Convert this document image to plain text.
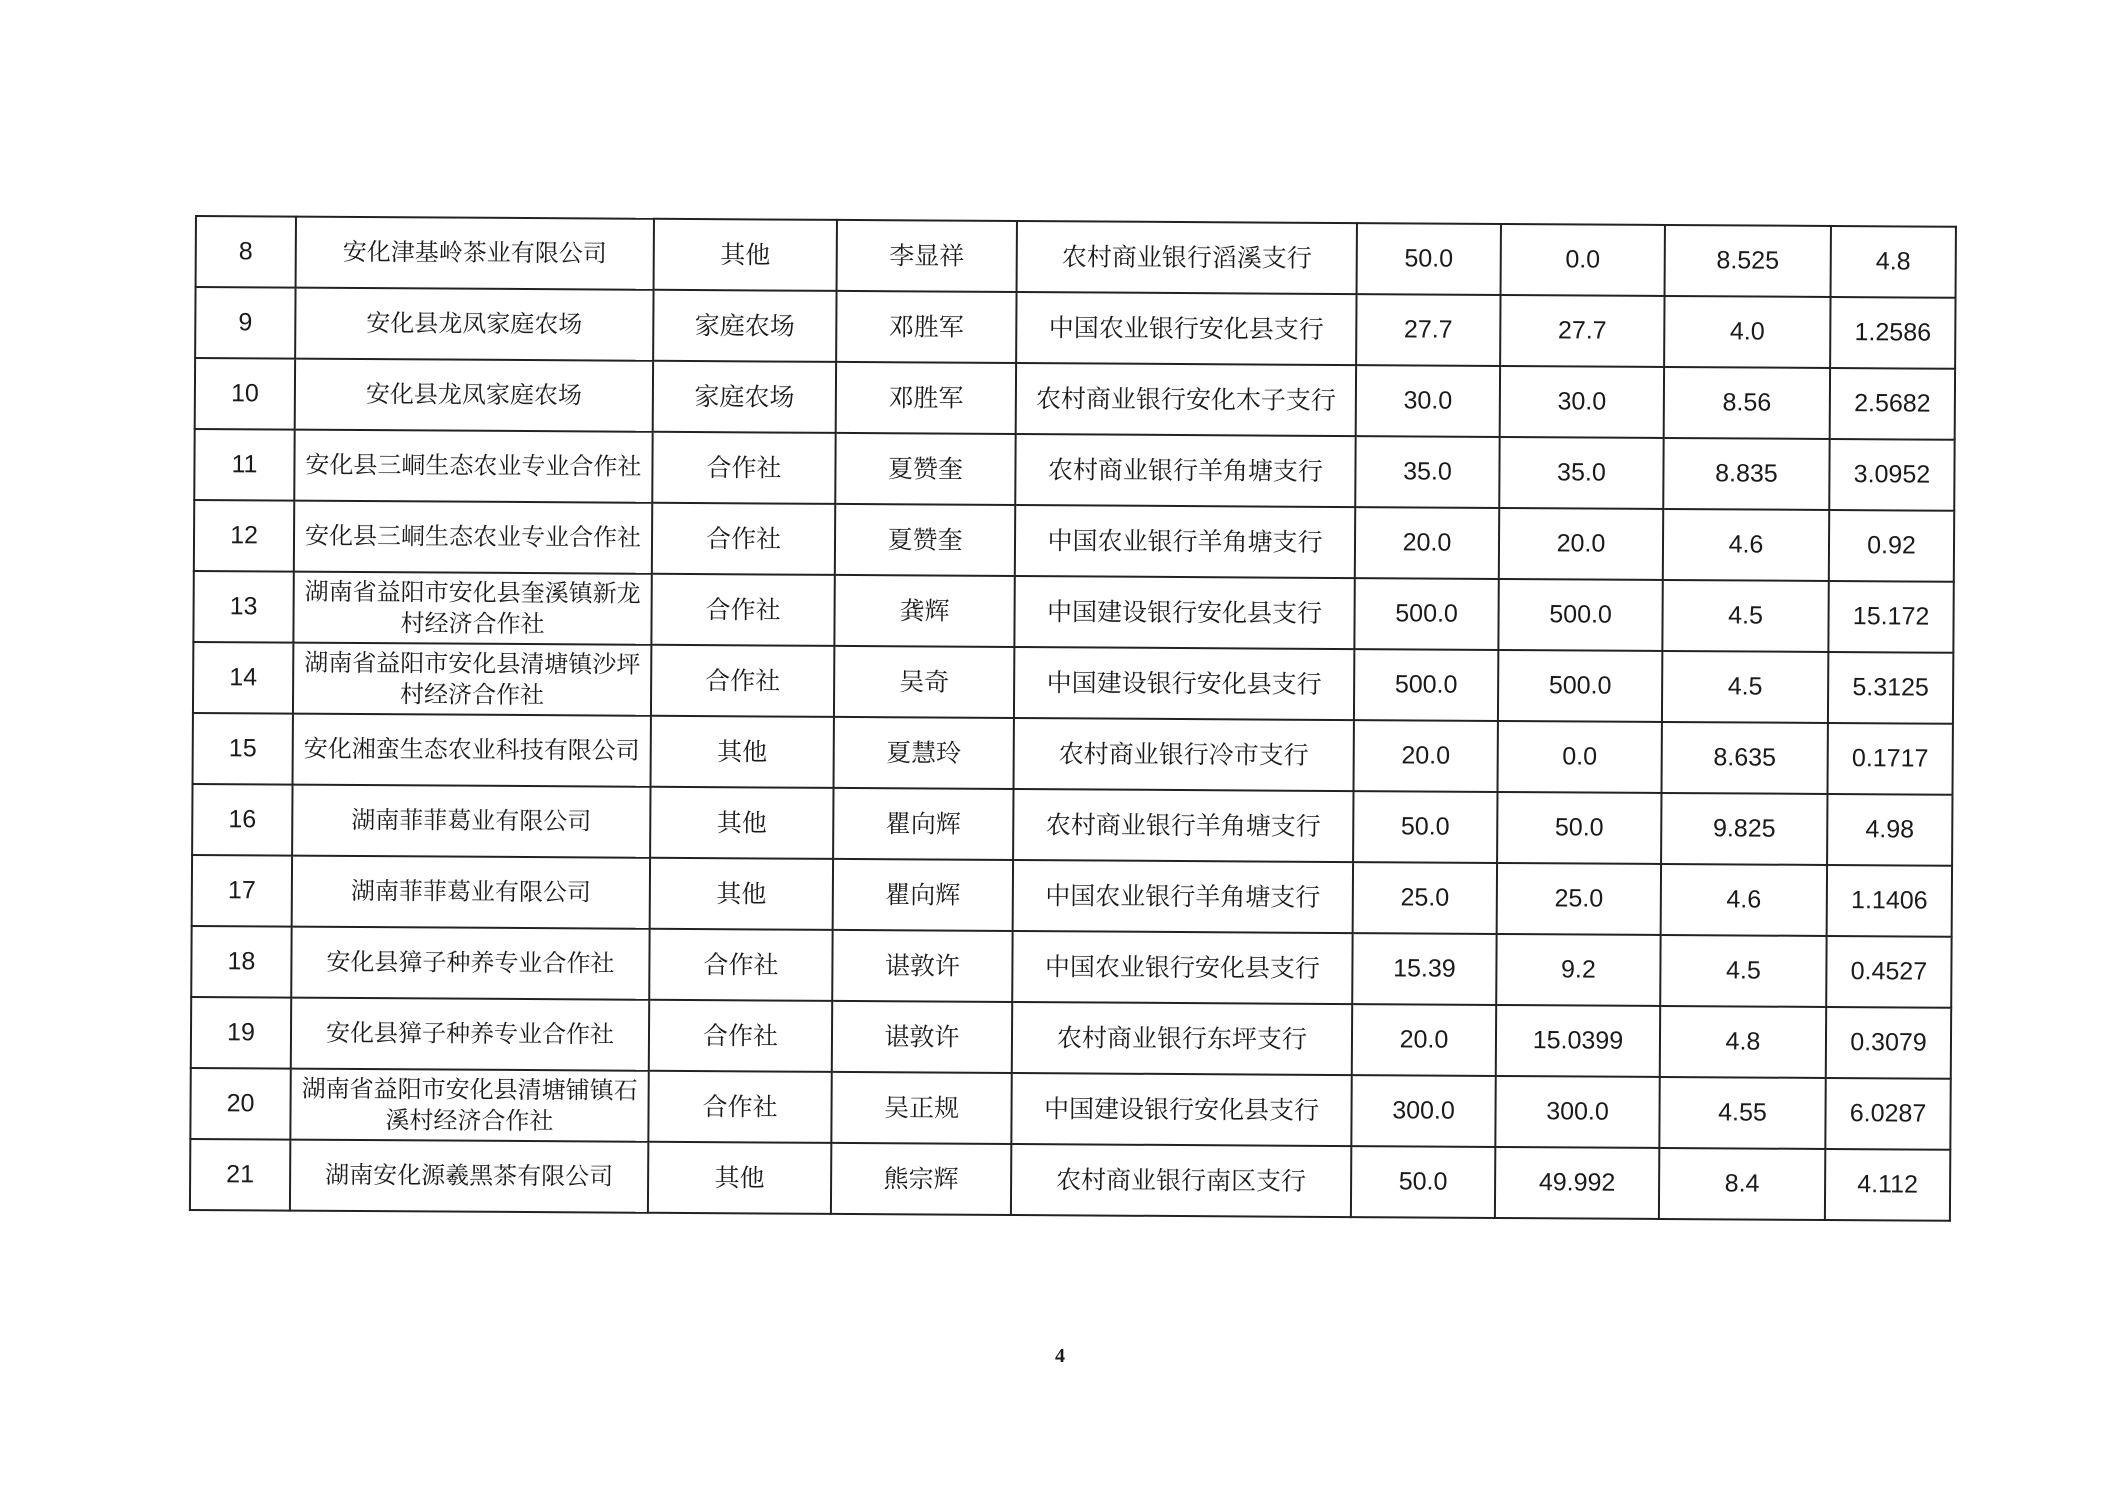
8	安化津基岭茶业有限公司	其他	李显祥	农村商业银行滔溪支行	50.0	0.0	8.525	4.8
9	安化县龙凤家庭农场	家庭农场	邓胜军	中国农业银行安化县支行	27.7	27.7	4.0	1.2586
10	安化县龙凤家庭农场	家庭农场	邓胜军	农村商业银行安化木子支行	30.0	30.0	8.56	2.5682
11	安化县三峒生态农业专业合作社	合作社	夏赞奎	农村商业银行羊角塘支行	35.0	35.0	8.835	3.0952
12	安化县三峒生态农业专业合作社	合作社	夏赞奎	中国农业银行羊角塘支行	20.0	20.0	4.6	0.92
13	湖南省益阳市安化县奎溪镇新龙村经济合作社	合作社	龚辉	中国建设银行安化县支行	500.0	500.0	4.5	15.172
14	湖南省益阳市安化县清塘镇沙坪村经济合作社	合作社	吴奇	中国建设银行安化县支行	500.0	500.0	4.5	5.3125
15	安化湘蛮生态农业科技有限公司	其他	夏慧玲	农村商业银行冷市支行	20.0	0.0	8.635	0.1717
16	湖南菲菲葛业有限公司	其他	瞿向辉	农村商业银行羊角塘支行	50.0	50.0	9.825	4.98
17	湖南菲菲葛业有限公司	其他	瞿向辉	中国农业银行羊角塘支行	25.0	25.0	4.6	1.1406
18	安化县獐子种养专业合作社	合作社	谌敦许	中国农业银行安化县支行	15.39	9.2	4.5	0.4527
19	安化县獐子种养专业合作社	合作社	谌敦许	农村商业银行东坪支行	20.0	15.0399	4.8	0.3079
20	湖南省益阳市安化县清塘铺镇石溪村经济合作社	合作社	吴正规	中国建设银行安化县支行	300.0	300.0	4.55	6.0287
21	湖南安化源羲黑茶有限公司	其他	熊宗辉	农村商业银行南区支行	50.0	49.992	8.4	4.112
4
